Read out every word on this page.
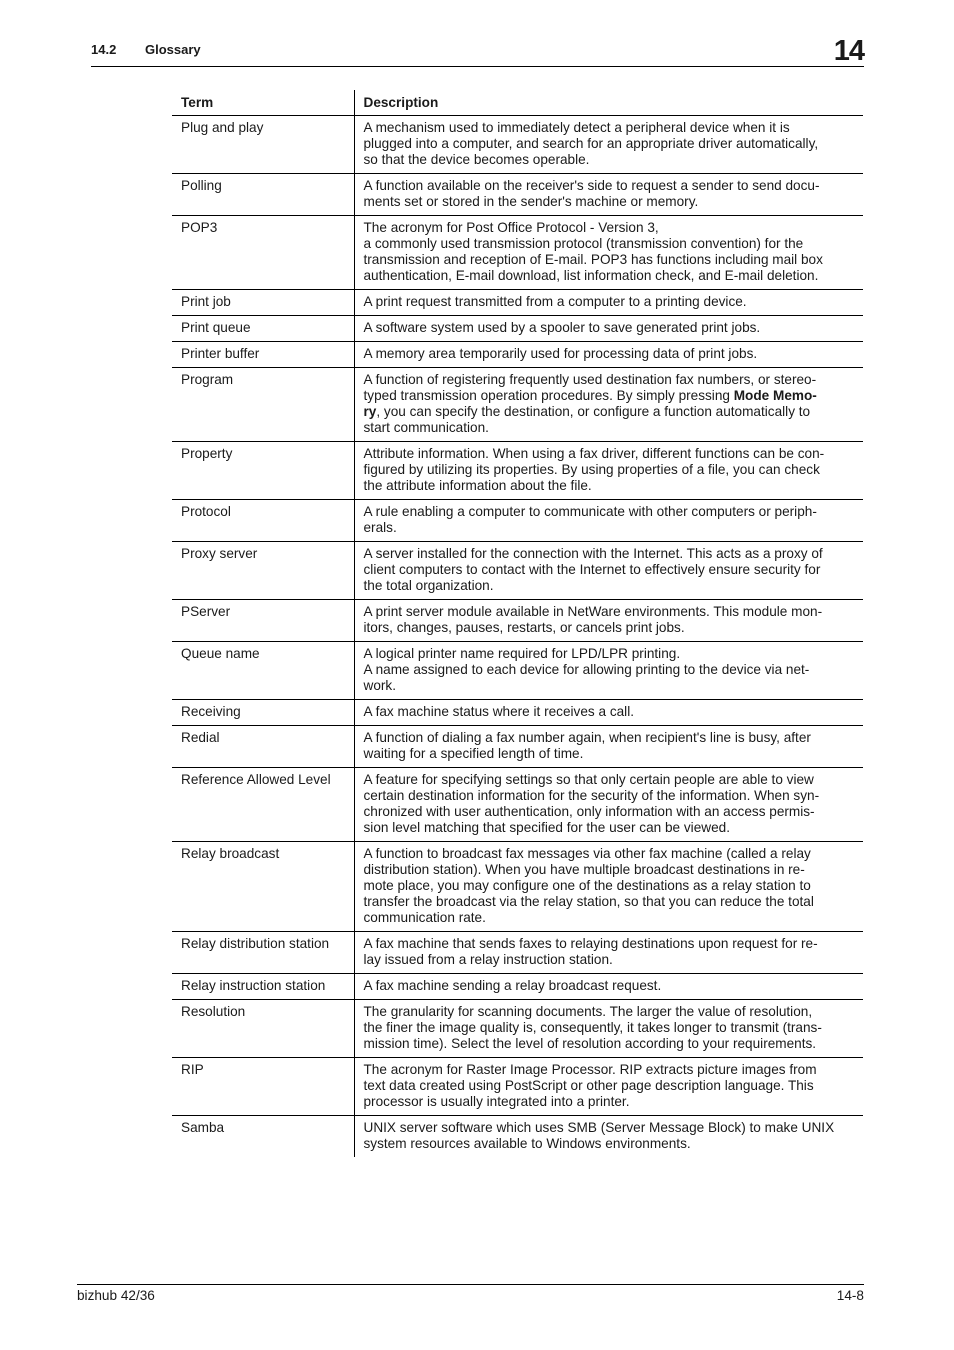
14.2 Glossary	14
Term	Description
Plug and play	A mechanism used to immediately detect a peripheral device when it is
plugged into a computer, and search for an appropriate driver automatically,
so that the device becomes operable.

Polling	A function available on the receiver's side to request a sender to send docu-
ments set or stored in the sender's machine or memory.

POP3	The acronym for Post Office Protocol - Version 3,
a commonly used transmission protocol (transmission convention) for the
transmission and reception of E-mail. POP3 has functions including mail box
authentication, E-mail download, list information check, and E-mail deletion.

Print job	A print request transmitted from a computer to a printing device.

Print queue	A software system used by a spooler to save generated print jobs.

Printer buffer	A memory area temporarily used for processing data of print jobs.

Program	A function of registering frequently used destination fax numbers, or stereo-
typed transmission operation procedures. By simply pressing Mode Memo-
ry, you can specify the destination, or configure a function automatically to
start communication.

Property	Attribute information. When using a fax driver, different functions can be con-
figured by utilizing its properties. By using properties of a file, you can check
the attribute information about the file.

Protocol	A rule enabling a computer to communicate with other computers or periph-
erals.

Proxy server	A server installed for the connection with the Internet. This acts as a proxy of
client computers to contact with the Internet to effectively ensure security for
the total organization.

PServer	A print server module available in NetWare environments. This module mon-
itors, changes, pauses, restarts, or cancels print jobs.

Queue name	A logical printer name required for LPD/LPR printing.
A name assigned to each device for allowing printing to the device via net-
work.

Receiving	A fax machine status where it receives a call.

Redial	A function of dialing a fax number again, when recipient's line is busy, after
waiting for a specified length of time.

Reference Allowed Level	A feature for specifying settings so that only certain people are able to view
certain destination information for the security of the information. When syn-
chronized with user authentication, only information with an access permis-
sion level matching that specified for the user can be viewed.

Relay broadcast	A function to broadcast fax messages via other fax machine (called a relay
distribution station). When you have multiple broadcast destinations in re-
mote place, you may configure one of the destinations as a relay station to
transfer the broadcast via the relay station, so that you can reduce the total
communication rate.

Relay distribution station	A fax machine that sends faxes to relaying destinations upon request for re-
lay issued from a relay instruction station.

Relay instruction station	A fax machine sending a relay broadcast request.

Resolution	The granularity for scanning documents. The larger the value of resolution,
the finer the image quality is, consequently, it takes longer to transmit (trans-
mission time). Select the level of resolution according to your requirements.

RIP	The acronym for Raster Image Processor. RIP extracts picture images from
text data created using PostScript or other page description language. This
processor is usually integrated into a printer.

Samba	UNIX server software which uses SMB (Server Message Block) to make UNIX
system resources available to Windows environments.
bizhub 42/36	14-8
